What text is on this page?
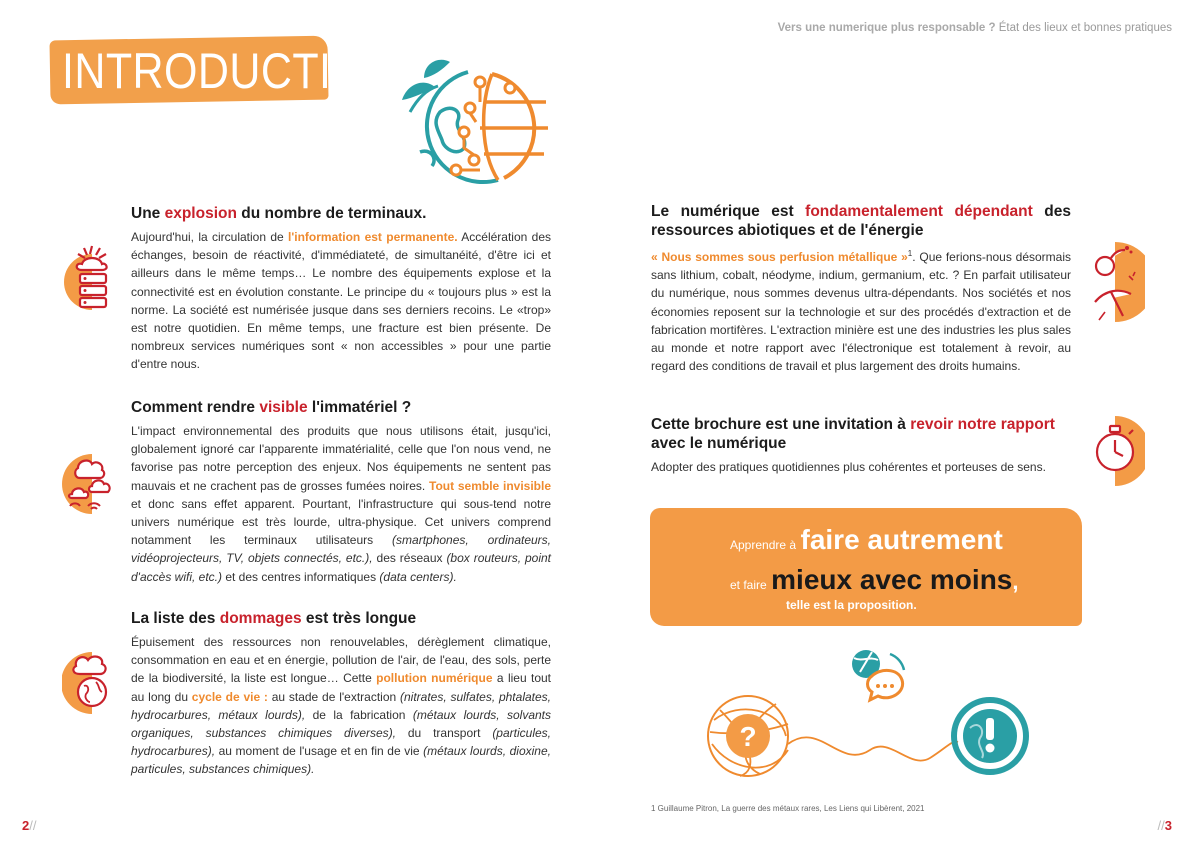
Vers une numerique plus responsable ? État des lieux et bonnes pratiques
INTRODUCTION
Une explosion du nombre de terminaux.

Aujourd'hui, la circulation de l'information est permanente. Accélération des échanges, besoin de réactivité, d'immédiateté, de simultanéité, d'être ici et ailleurs dans le même temps… Le nombre des équipements explose et la connectivité est en évolution constante. Le principe du « toujours plus » est la norme. La société est numérisée jusque dans ses derniers recoins. Le «trop» est notre quotidien. En même temps, une fracture est bien présente. De nombreux services numériques sont « non accessibles » pour une partie d'entre nous.

Comment rendre visible l'immatériel ?

L'impact environnemental des produits que nous utilisons était, jusqu'ici, globalement ignoré car l'apparente immatérialité, celle que l'on nous vend, ne favorise pas notre perception des enjeux. Nos équipements ne sentent pas mauvais et ne crachent pas de grosses fumées noires. Tout semble invisible et donc sans effet apparent. Pourtant, l'infrastructure qui sous-tend notre univers numérique est très lourde, ultra-physique. Cet univers comprend notamment les terminaux utilisateurs (smartphones, ordinateurs, vidéoprojecteurs, TV, objets connectés, etc.), des réseaux (box routeurs, point d'accès wifi, etc.) et des centres informatiques (data centers).

La liste des dommages est très longue

Épuisement des ressources non renouvelables, dérèglement climatique, consommation en eau et en énergie, pollution de l'air, de l'eau, des sols, perte de la biodiversité, la liste est longue… Cette pollution numérique a lieu tout au long du cycle de vie : au stade de l'extraction (nitrates, sulfates, phtalates, hydrocarbures, métaux lourds), de la fabrication (métaux lourds, solvants organiques, substances chimiques diverses), du transport (particules, hydrocarbures), au moment de l'usage et en fin de vie (métaux lourds, dioxine, particules, substances chimiques).

Le numérique est fondamentalement dépendant des ressources abiotiques et de l'énergie

« Nous sommes sous perfusion métallique »$^1$. Que ferions-nous désormais sans lithium, cobalt, néodyme, indium, germanium, etc. ? En parfait utilisateur du numérique, nous sommes devenus ultra-dépendants. Nos sociétés et nos économies reposent sur la technologie et sur des procédés d'extraction et de fabrication mortifères. L'extraction minière est une des industries les plus sales au monde et notre rapport avec l'électronique est totalement à revoir, au regard des conditions de travail et plus largement des droits humains.

Cette brochure est une invitation à revoir notre rapport avec le numérique

Adopter des pratiques quotidiennes plus cohérentes et porteuses de sens.

Apprendre à faire autrement
et faire mieux avec moins,
telle est la proposition.
?
1 Guillaume Pitron, La guerre des métaux rares, Les Liens qui Libèrent, 2021
2//	//3
